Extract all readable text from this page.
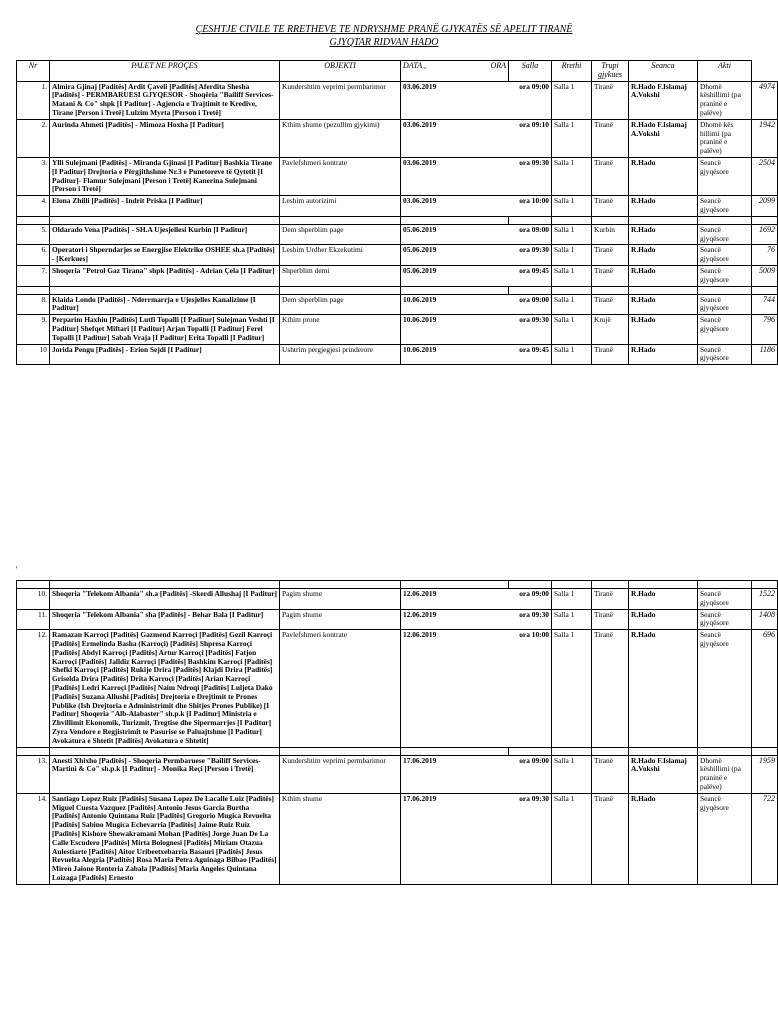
ÇESHTJE CIVILE TE RRETHEVE TE NDRYSHME PRANË GJYKATËS SË APELIT TIRANË
GJYQTAR RIDVAN HADO
Nr	PALET NE PROÇES	OBJEKTI	DATA , ORA	Salla	Rrethi	Trupi gjykues	Seanca	Akti	
1.	Almira Gjinaj [Paditës] Ardit Çaveli [Paditës] Aferdita Shesha [Paditës] - PERMBARUESI GJYQESOR - Shoqëria "Bailiff Services-Matani & Co" shpk [I Paditur] - Agjencia e Trajtimit te Kredive, Tirane [Person i Tretë] Lulzim Myrta [Person i Tretë]	Kundershtim veprimi permbarimor	03.06.2019 ora 09:00		Salla 1	Tiranë	R.Hado F.Islamaj A.Vokshi	Dhomë këshillimi (pa praninë e palëve)	4974
2.	Aurinda Ahmeti [Paditës] - Mimoza Hoxha [I Paditur]	Kthim shume (pezullim gjykimi)	03.06.2019 ora 09:10		Salla 1	Tiranë	R.Hado F.Islamaj A.Vokshi	Dhomë kës hillimi (pa praninë e palëve)	1942
3.	Ylli Sulejmani [Paditës] - Miranda Gjinasi [I Paditur] Bashkia Tirane [I Paditur] Drejtoria e Përgjithshme Nr.3 e Punetoreve të Qytetit [I Paditur]- Flamur Sulejmani [Person i Tretë] Kanerina Sulejmani [Person i Tretë]	Pavlefshmeri kontrate	03.06.2019 ora 09:30		Salla 1	Tiranë	R.Hado	Seancë gjyqësore	2504
4.	Elona Zhilli [Paditës] - Indrit Priska [I Paditur]	Leshim autorizimi	03.06.2019 ora 10:00		Salla 1	Tiranë	R.Hado	Seancë gjyqësore	2099

5.	Oldarado Vena [Paditës] - SH.A Ujesjellesi Kurbin [I Paditur]	Dem shperblim page	05.06.2019 ora 09:00		Salla 1	Kurbin	R.Hado	Seancë gjyqësore	1692
6.	Operatori i Shperndarjes se Energjise Elektrike OSHEE sh.a [Paditës] - [Kerkues]	Leshim Urdher Ekzekutimi	05.06.2019 ora 09:30		Salla 1	Tiranë	R.Hado	Seancë gjyqësore	76
7.	Shoqeria "Petrol Gaz Tirana" shpk [Paditës] - Adrian Çela [I Paditur]	Shperblim demi	05.06.2019 ora 09:45		Salla 1	Tiranë	R.Hado	Seancë gjyqësore	5009

8.	Klaida Londo [Paditës] - Nderrmarrja e Ujesjelles Kanalizime [I Paditur]	Dem shperblim page	10.06.2019 ora 09:00		Salla 1	Tiranë	R.Hado	Seancë gjyqësore	744
9.	Perparim Haxhiu [Paditës] Lutfi Topalli [I Paditur] Sulejman Veshti [I Paditur] Shefqet Miftari [I Paditur] Arjan Topalli [I Paditur] Ferel Topalli [I Paditur] Sabah Vraja [I Paditur] Erita Topalli [I Paditur]	Kthim prone	10.06.2019 ora 09:30		Salla 1	Krujë	R.Hado	Seancë gjyqësore	796
10	Jorida Pengu [Paditës] - Erion Sejdi [I Paditur]	Ushtrim pergjegjesi prinderore	10.06.2019 ora 09:45		Salla 1	Tiranë	R.Hado	Seancë gjyqësore	1186
'

10.	Shoqeria "Telekom Albania" sh.a [Paditës] -Skerdi Allushaj [I Paditur]	Pagim shume	12.06.2019 ora 09:00		Salla 1	Tiranë	R.Hado	Seancë gjyqësore	1522
11.	Shoqeria "Telekom Albania" sha [Paditës] - Behar Bala [I Paditur]	Pagim shume	12.06.2019 ora 09:30		Salla 1	Tiranë	R.Hado	Seancë gjyqësore	1408
12.	Ramazan Karroçi [Paditës] Gazmend Karroçi [Paditës] Gezil Karroçi [Paditës] Ermelinda Basha (Karroçi) [Paditës] Shpresa Karroçi [Paditës] Abdyl Karroçi [Paditës] Artur Karroçi [Paditës] Fatjon Karroçi [Paditës] Jalldiz Karroçi [Paditës] Bashkim Karroçi [Paditës] Shefki Karroçi [Paditës] Rukije Drira [Paditës] Klajdi Drira [Paditës] Griselda Drira [Paditës] Drita Karroçi [Paditës] Arian Karroçi [Paditës] Ledri Karroçi [Paditës] Naim Ndroqi [Paditës] Luljeta Dako [Paditës] Suzana Allushi [Paditës] Drejtoria e Drejtimit te Prones Publike (Ish Drejtoria e Administrimit dhe Shitjes Prones Publike) [I Paditur] Shoqeria "Alb-Alabaster" sh.p.k [I Paditur] Ministria e Zhvillimit Ekonomik, Turizmit, Tregtise dhe Sipermarrjes [I Paditur] Zyra Vendore e Regjistrimit te Pasurise se Paluajtshme [I Paditur] Avokatura e Shtetit [Paditës] Avokatura e Shtetit]	Pavlefshmeri kontrate	12.06.2019 ora 10:00		Salla 1	Tiranë	R.Hado	Seancë gjyqësore	696

13.	Anesti Xhixho [Paditës] - Shoqeria Permbaruese "Bailiff Services-Martini & Co" sh.p.k [I Paditur] - Monika Reçi [Person i Tretë]	Kundershtim veprimi permbarimor	17.06.2019 ora 09:00		Salla 1	Tiranë	R.Hado F.Islamaj A.Vokshi	Dhomë këshillimi (pa praninë e palëve)	1959
14.	Santiago Lopez Ruiz [Paditës] Susana Lopez De Lacalle Luiz [Paditës] Miguel Cuesta Vazquez [Paditës] Antonio Jesus Garcia Burtha [Paditës] Antonio Quintana Ruiz [Paditës] Gregorio Mugica Revuelta [Paditës] Sabino Mugica Echevarria [Paditës] Jaime Ruiz Ruiz [Paditës] Kishore Shewakramani Mohan [Paditës] Jorge Juan De La Calle Escudero [Paditës] Mirta Bolognesi [Paditës] Miriam Otazua Aulestiarte [Paditës] Aitor Uribeetxebarria Basauri [Paditës] Jesus Revuelta Alegria [Paditës] Rosa Maria Petra Aguinaga Bilbao [Paditës] Miren Jaione Renteria Zabala [Paditës] Maria Angeles Quintana Loizaga [Paditës] Ernesto	Kthim shume	17.06.2019 ora 09:30		Salla 1	Tiranë	R.Hado	Seancë gjyqësore	722
